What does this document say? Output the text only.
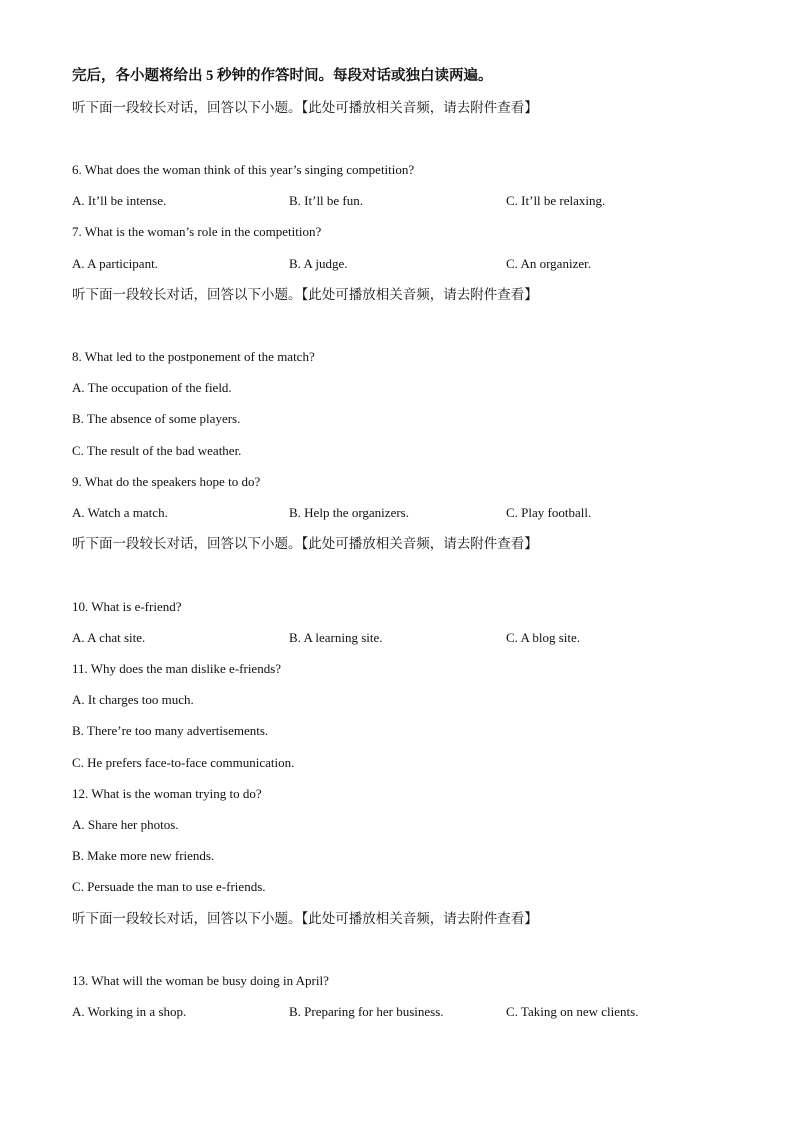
完后，各小题将给出 5 秒钟的作答时间。每段对话或独白读两遍。
听下面一段较长对话，回答以下小题。【此处可播放相关音频，请去附件查看】
6. What does the woman think of this year’s singing competition?
A. It’ll be intense.	B. It’ll be fun.	C. It’ll be relaxing.
7. What is the woman’s role in the competition?
A. A participant.	B. A judge.	C. An organizer.
听下面一段较长对话，回答以下小题。【此处可播放相关音频，请去附件查看】
8. What led to the postponement of the match?
A. The occupation of the field.
B. The absence of some players.
C. The result of the bad weather.
9. What do the speakers hope to do?
A. Watch a match.	B. Help the organizers.	C. Play football.
听下面一段较长对话，回答以下小题。【此处可播放相关音频，请去附件查看】
10. What is e-friend?
A. A chat site.	B. A learning site.	C. A blog site.
11. Why does the man dislike e-friends?
A. It charges too much.
B. There’re too many advertisements.
C. He prefers face-to-face communication.
12. What is the woman trying to do?
A. Share her photos.
B. Make more new friends.
C. Persuade the man to use e-friends.
听下面一段较长对话，回答以下小题。【此处可播放相关音频，请去附件查看】
13. What will the woman be busy doing in April?
A. Working in a shop.	B. Preparing for her business.	C. Taking on new clients.
